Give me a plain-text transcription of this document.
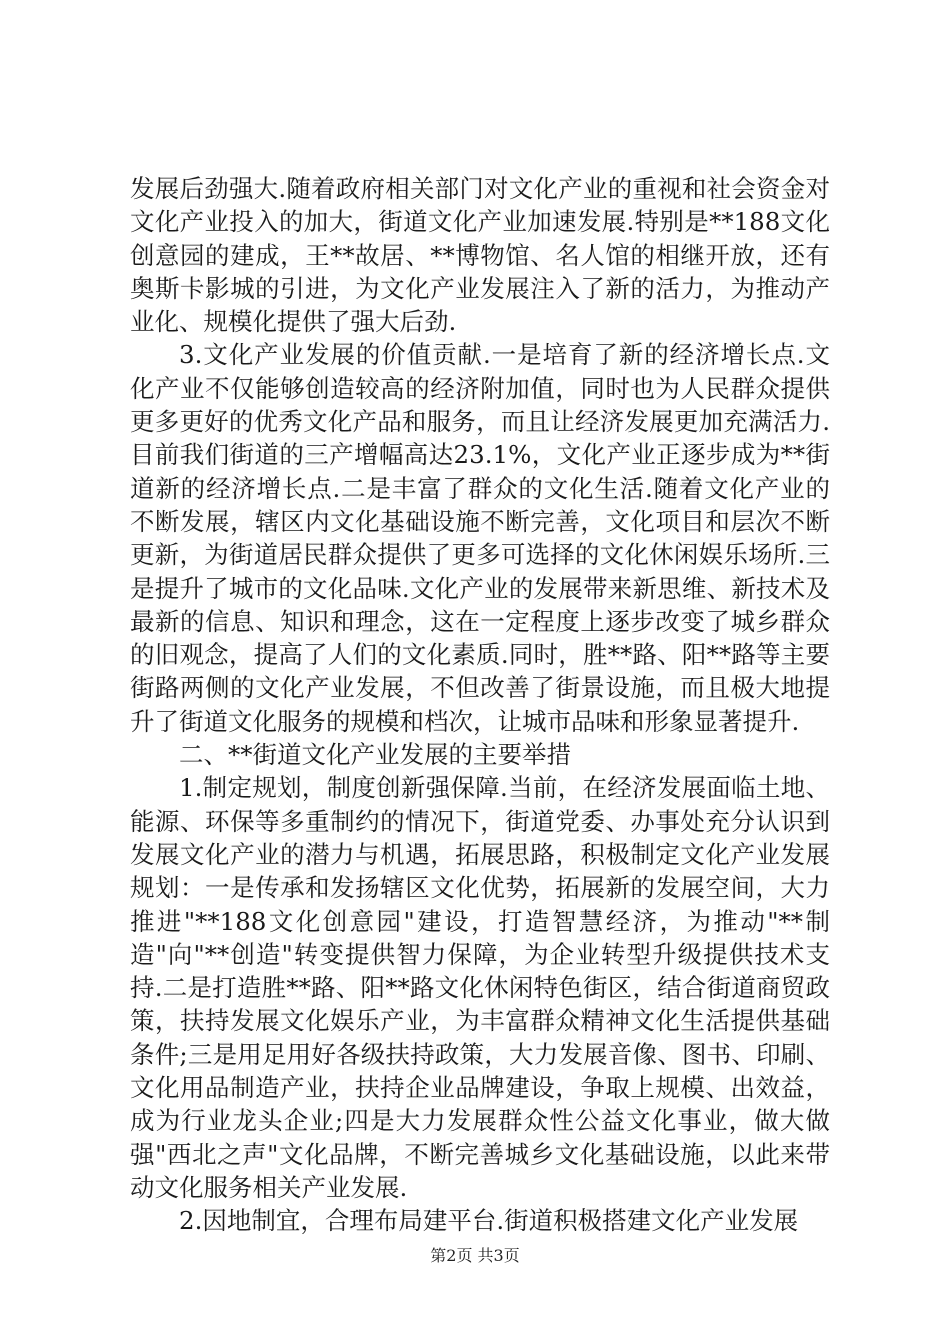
发展后劲强大.随着政府相关部门对文化产业的重视和社会资金对文化产业投入的加大，街道文化产业加速发展.特别是**188文化创意园的建成，王**故居、**博物馆、名人馆的相继开放，还有奥斯卡影城的引进，为文化产业发展注入了新的活力，为推动产业化、规模化提供了强大后劲.

3.文化产业发展的价值贡献.一是培育了新的经济增长点.文化产业不仅能够创造较高的经济附加值，同时也为人民群众提供更多更好的优秀文化产品和服务，而且让经济发展更加充满活力.目前我们街道的三产增幅高达23.1%，文化产业正逐步成为**街道新的经济增长点.二是丰富了群众的文化生活.随着文化产业的不断发展，辖区内文化基础设施不断完善，文化项目和层次不断更新，为街道居民群众提供了更多可选择的文化休闲娱乐场所.三是提升了城市的文化品味.文化产业的发展带来新思维、新技术及最新的信息、知识和理念，这在一定程度上逐步改变了城乡群众的旧观念，提高了人们的文化素质.同时，胜**路、阳**路等主要街路两侧的文化产业发展，不但改善了街景设施，而且极大地提升了街道文化服务的规模和档次，让城市品味和形象显著提升.

二、**街道文化产业发展的主要举措

1.制定规划，制度创新强保障.当前，在经济发展面临土地、能源、环保等多重制约的情况下，街道党委、办事处充分认识到发展文化产业的潜力与机遇，拓展思路，积极制定文化产业发展规划：一是传承和发扬辖区文化优势，拓展新的发展空间，大力推进"**188文化创意园"建设，打造智慧经济，为推动"**制造"向"**创造"转变提供智力保障，为企业转型升级提供技术支持.二是打造胜**路、阳**路文化休闲特色街区，结合街道商贸政策，扶持发展文化娱乐产业，为丰富群众精神文化生活提供基础条件;三是用足用好各级扶持政策，大力发展音像、图书、印刷、文化用品制造产业，扶持企业品牌建设，争取上规模、出效益，成为行业龙头企业;四是大力发展群众性公益文化事业，做大做强"西北之声"文化品牌，不断完善城乡文化基础设施，以此来带动文化服务相关产业发展.

2.因地制宜，合理布局建平台.街道积极搭建文化产业发展

第2页 共3页
